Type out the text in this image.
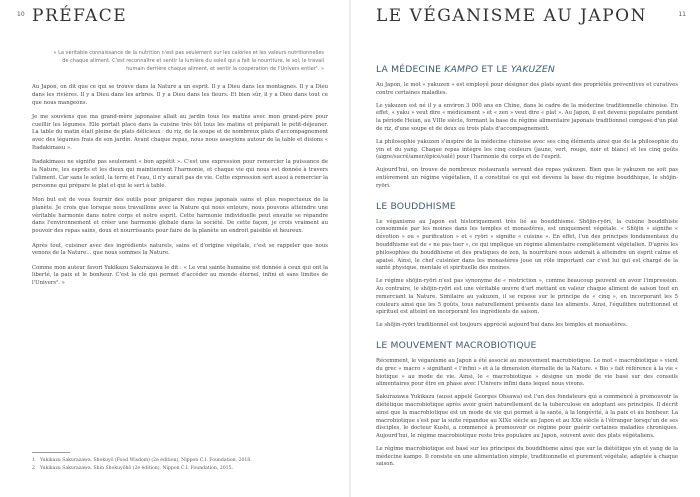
10 PRÉFACE

« La véritable connaissance de la nutrition n'est pas seulement sur les calories et les valeurs nutritionnelles de chaque aliment. C'est reconnaître et sentir la lumière du soleil qui a fait la nourriture, le sol, le travail humain derrière chaque aliment, et sentir la coopération de l'Univers entier¹. »

Au Japon, on dit que ce qui se trouve dans la Nature a un esprit. Il y a Dieu dans les montagnes. Il y a Dieu dans les rivières. Il y a Dieu dans les arbres. Il y a Dieu dans les fleurs. Et bien sûr, il y a Dieu dans tout ce que nous mangeons.

Je me souviens que ma grand-mère japonaise allait au jardin tous les matins avec mon grand-père pour cueillir les légumes. Elle portait place dans la cuisine très tôt tous les matins et préparait le petit-déjeuner. La table du matin était pleine de plats délicieux : du riz, de la soupe et de nombreux plats d'accompagnement avec des légumes frais de son jardin. Avant chaque repas, nous nous asseyions autour de la table et disions « Itadakimasu ».

Itadakimasu ne signifie pas seulement « bon appétit ». C'est une expression pour remercier la puissance de la Nature, les esprits et les dieux qui maintiennent l'harmonie, et chaque vie qui nous est donnée à travers l'aliment. Car sans le soleil, la terre et l'eau, il n'y aurait pas de vie. Cette expression sert aussi à remercier la personne qui prépare le plat et qui le sert à table.

Mon but est de vous fournir des outils pour préparer des repas japonais sains et plus respectueux de la planète. Je crois que lorsque nous travaillons avec la Nature qui nous entoure, nous pouvons atteindre une véritable harmonie dans notre corps et notre esprit. Cette harmonie individuelle peut ensuite se répandre dans l'environnement et créer une harmonie globale dans la société. De cette façon, je crois vraiment au pouvoir des repas sains, doux et nourrissants pour faire de la planète un endroit paisible et heureux.

Après tout, cuisiner avec des ingrédients naturels, sains et d'origine végétale, c'est se rappeler que nous venons de la Nature... que nous sommes la Nature.

Comme mon auteur favori Yukikazu Sakurazawa le dit : « Le vrai sainte humaine est donnée à ceux qui ont la liberté, la paix et le bonheur. C'est la clé qui permet d'accéder au monde éternel, infini et sans limites de l'Univers². »

1 Yukikazu Sakurazawa, Shokuyō (Food Wisdom) (2e édition), Nippon C.I. Foundation, 2018.

2 Yukikazu Sakurazawa, Shin Shokuyōhō (2e édition), Nippon C.I. Foundation, 2015.

11
LE VÉGANISME AU JAPON
LA MÉDECINE KAMPO ET LE YAKUZEN

Au Japon, le mot « yakuzen » est employé pour désigner des plats ayant des propriétés préventives et curatives contre certaines maladies.

Le yakuzen est né il y a environ 3 000 ans en Chine, dans le cadre de la médecine traditionnelle chinoise. En effet, « yaku » veut dire « médicament » et « zen » veut dire « plat ». Au Japon, il est devenu populaire pendant la période Heian, au VIIIe siècle, formant la base du régime alimentaire japonais traditionnel composé d'un plat de riz, d'une soupe et de deux ou trois plats d'accompagnement.

La philosophie yakuzen s'inspire de la médecine chinoise avec ses cinq éléments ainsi que de la philosophie du yin et du yang. Chaque repas intègre les cinq couleurs (jaune, vert, rouge, noir et blanc) et les cinq goûts (aigre/sucré/amer/épicé/salé) pour l'harmonie du corps et de l'esprit.

Aujourd'hui, on trouve de nombreux restaurants servant des repas yakuzen. Bien que le yakuzen ne soit pas entièrement un régime végétalien, il a constitué ce qui est devenu la base du régime bouddhique, le shōjin-ryōri.

LE BOUDDHISME

Le véganisme au Japon est historiquement très lié au bouddhisme. Shōjin-ryōri, la cuisine bouddhiste consommée par les moines dans les temples et monastères, est uniquement végétale. « Shōjin » signifie « dévotion » ou « purification » et « ryōri » signifie « cuisine ». En effet, l'un des principes fondamentaux du bouddhisme est de « ne pas tuer », ce qui implique un régime alimentaire complètement végétalien. D'après les philosophies du bouddhisme et des pratiques de zen, la nourriture nous aiderait à atteindre un esprit calme et apaisé. Ainsi, le chef cuisinier dans les monastères joue un rôle important car c'est lui qui est chargé de la santé physique, mentale et spirituelle des moines.

Le régime shōjin-ryōri n'est pas synonyme de « restriction », comme beaucoup peuvent en avoir l'impression. Au contraire, le shōjin-ryōri est une véritable œuvre d'art mettant en valeur chaque aliment de saison tout en remerciant la Nature. Similaire au yakuzen, il se repose sur le principe de « cinq », en incorporant les 5 couleurs ainsi que les 5 goûts, tous naturellement présents dans les aliments. Ainsi, l'équilibre nutritionnel et spirituel est atteint en incorporant les ingrédients de saison.

Le shōjin-ryōri traditionnel est toujours apprécié aujourd'hui dans les temples et monastères.

LE MOUVEMENT MACROBIOTIQUE

Récemment, le véganisme au Japon a été associé au mouvement macrobiotique. Le mot « macrobiotique » vient du grec « macro » signifiant « l'infini » et à la dimension éternelle de la Nature. « Bio » fait référence à la vie « biotique » au mode de vie. Ainsi, le « macrobiotique » désigne un mode de vie basé sur des conseils alimentaires pour être en phase avec l'Univers infini dans lequel nous vivons.

Sakurazawa Yukikazu (aussi appelé Georges Ohsawa) est l'un des fondateurs qui a commencé à promouvoir la diététique macrobiotique après avoir guéri naturellement de la tuberculose en adoptant ses principes. Il décrit ainsi que la macrobiotique est un mode de vie qui permet à la santé, à la longévité, à la paix et au bonheur. La macrobiotique s'est par la suite répandue au XIXe siècle au Japon et au XXe siècle à l'étranger lorsqu'un de ses disciples, le docteur Kushi, a commencé à promouvoir ce régime pour guérir certaines maladies chroniques. Aujourd'hui, le régime macrobiotique reste très populaire au Japon, souvent avec des plats végétaliens.

Le régime macrobiotique est basé sur les principes du bouddhisme ainsi que sur la diététique yin et yang de la médecine kampo. Il consiste en une alimentation simple, traditionnelle et purement végétale, adaptée à chaque saison.
